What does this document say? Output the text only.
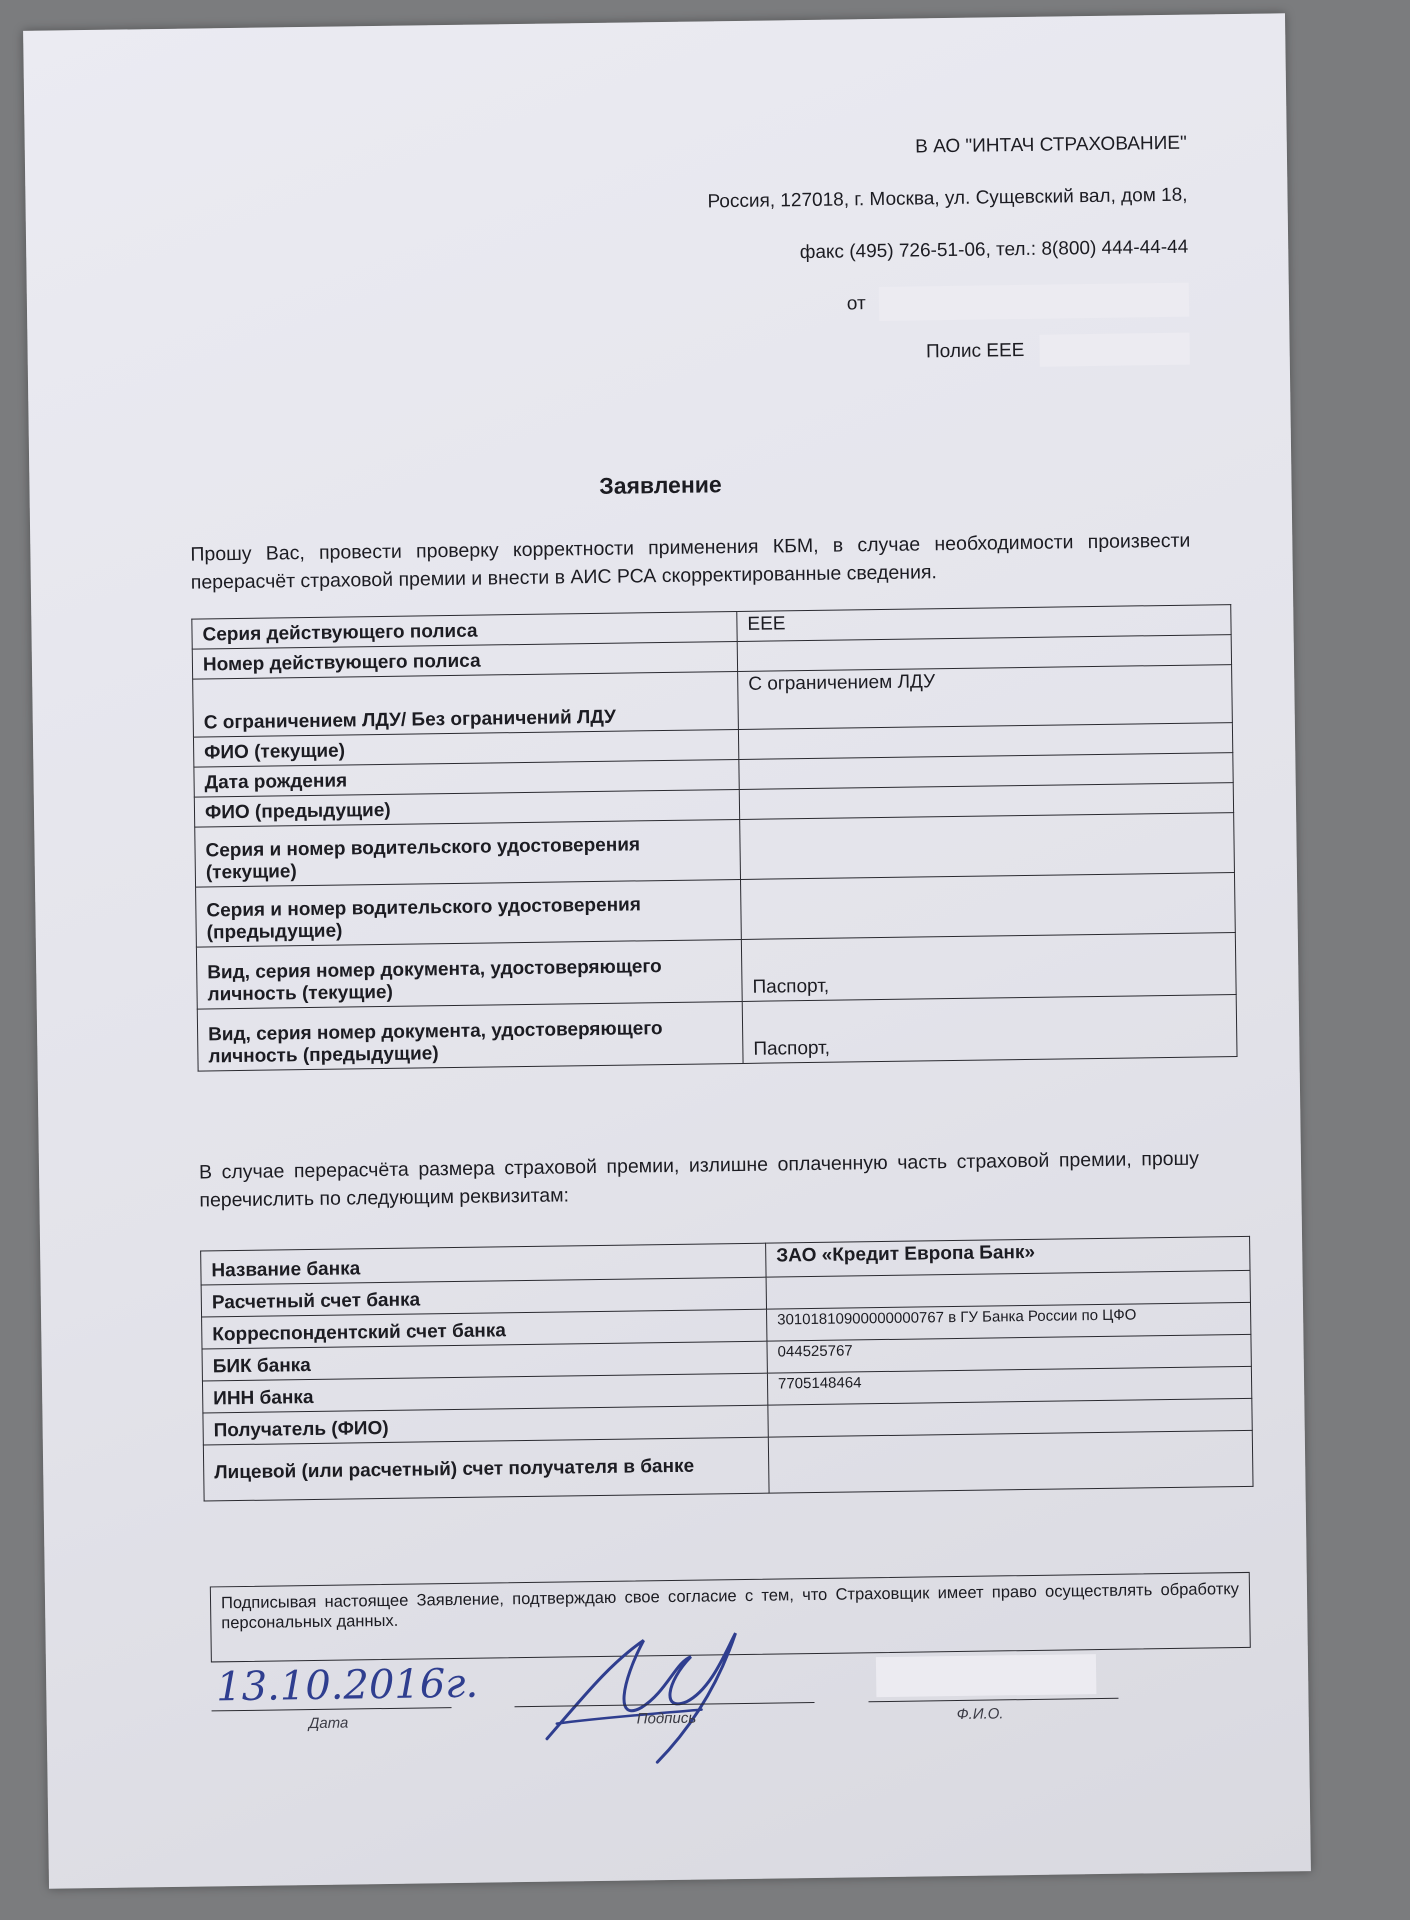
В АО "ИНТАЧ СТРАХОВАНИЕ"
Россия, 127018, г. Москва, ул. Сущевский вал, дом 18,
факс (495) 726-51-06, тел.: 8(800) 444-44-44
от
Полис ЕЕЕ
Заявление
Прошу Вас, провести проверку корректности применения КБМ, в случае необходимости произвести перерасчёт страховой премии и внести в АИС РСА скорректированные сведения.
Серия действующего полиса	ЕЕЕ
Номер действующего полиса	
С ограничением ЛДУ/ Без ограничений ЛДУ	С ограничением ЛДУ
ФИО (текущие)	
Дата рождения	
ФИО (предыдущие)	
Серия и номер водительского удостоверения (текущие)	
Серия и номер водительского удостоверения (предыдущие)	
Вид, серия номер документа, удостоверяющего личность (текущие)	Паспорт,
Вид, серия номер документа, удостоверяющего личность (предыдущие)	Паспорт,
В случае перерасчёта размера страховой премии, излишне оплаченную часть страховой премии, прошу перечислить по следующим реквизитам:
Название банка	ЗАО «Кредит Европа Банк»
Расчетный счет банка	
Корреспондентский счет банка	30101810900000000767 в ГУ Банка России по ЦФО
БИК банка	044525767
ИНН банка	7705148464
Получатель (ФИО)	
Лицевой (или расчетный) счет получателя в банке	
Подписывая настоящее Заявление, подтверждаю свое согласие с тем, что Страховщик имеет право осуществлять обработку персональных данных.
13.10.2016г.
Дата	Подпись	Ф.И.О.
